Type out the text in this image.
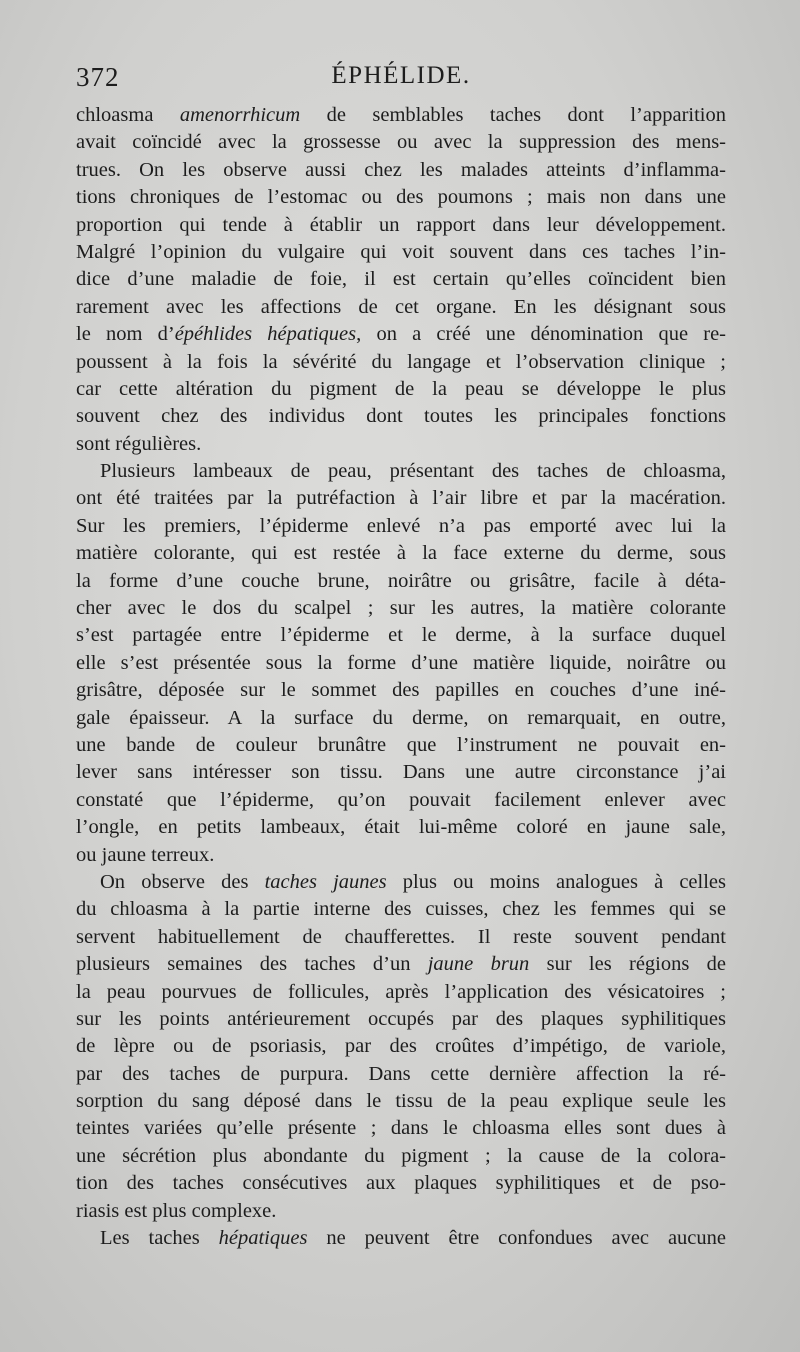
372	ÉPHÉLIDE.
chloasma amenorrhicum de semblables taches dont l’apparition
avait coïncidé avec la grossesse ou avec la suppression des mens-
trues. On les observe aussi chez les malades atteints d’inflamma-
tions chroniques de l’estomac ou des poumons ; mais non dans une
proportion qui tende à établir un rapport dans leur développement.
Malgré l’opinion du vulgaire qui voit souvent dans ces taches l’in-
dice d’une maladie de foie, il est certain qu’elles coïncident bien
rarement avec les affections de cet organe. En les désignant sous
le nom d’épéhlides hépatiques, on a créé une dénomination que re-
poussent à la fois la sévérité du langage et l’observation clinique ;
car cette altération du pigment de la peau se développe le plus
souvent chez des individus dont toutes les principales fonctions
sont régulières.
Plusieurs lambeaux de peau, présentant des taches de chloasma,
ont été traitées par la putréfaction à l’air libre et par la macération.
Sur les premiers, l’épiderme enlevé n’a pas emporté avec lui la
matière colorante, qui est restée à la face externe du derme, sous
la forme d’une couche brune, noirâtre ou grisâtre, facile à déta-
cher avec le dos du scalpel ; sur les autres, la matière colorante
s’est partagée entre l’épiderme et le derme, à la surface duquel
elle s’est présentée sous la forme d’une matière liquide, noirâtre ou
grisâtre, déposée sur le sommet des papilles en couches d’une iné-
gale épaisseur. A la surface du derme, on remarquait, en outre,
une bande de couleur brunâtre que l’instrument ne pouvait en-
lever sans intéresser son tissu. Dans une autre circonstance j’ai
constaté que l’épiderme, qu’on pouvait facilement enlever avec
l’ongle, en petits lambeaux, était lui-même coloré en jaune sale,
ou jaune terreux.
On observe des taches jaunes plus ou moins analogues à celles
du chloasma à la partie interne des cuisses, chez les femmes qui se
servent habituellement de chaufferettes. Il reste souvent pendant
plusieurs semaines des taches d’un jaune brun sur les régions de
la peau pourvues de follicules, après l’application des vésicatoires ;
sur les points antérieurement occupés par des plaques syphilitiques
de lèpre ou de psoriasis, par des croûtes d’impétigo, de variole,
par des taches de purpura. Dans cette dernière affection la ré-
sorption du sang déposé dans le tissu de la peau explique seule les
teintes variées qu’elle présente ; dans le chloasma elles sont dues à
une sécrétion plus abondante du pigment ; la cause de la colora-
tion des taches consécutives aux plaques syphilitiques et de pso-
riasis est plus complexe.
Les taches hépatiques ne peuvent être confondues avec aucune
